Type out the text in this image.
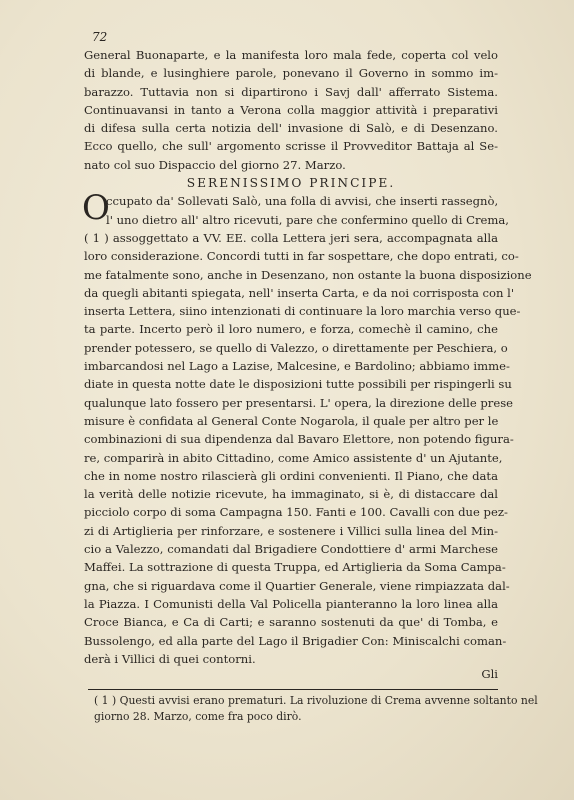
72

General Buonaparte, e la manifesta loro mala fede, coperta col velo
di blande, e lusinghiere parole, ponevano il Governo in sommo im-
barazzo. Tuttavia non si dipartirono i Savj dall' afferrato Sistema.
Continuavansi in tanto a Verona colla maggior attività i preparativi
di difesa sulla certa notizia dell' invasione di Salò, e di Desenzano.
Ecco quello, che sull' argomento scrisse il Provveditor Battaja al Se-
nato col suo Dispaccio del giorno 27. Marzo.
SERENISSIMO PRINCIPE.
O
ccupato da' Sollevati Salò, una folla di avvisi, che inserti rassegnò,
l' uno dietro all' altro ricevuti, pare che confermino quello di Crema,
( 1 ) assoggettato a VV. EE. colla Lettera jeri sera, accompagnata alla
loro considerazione. Concordi tutti in far sospettare, che dopo entrati, co-
me fatalmente sono, anche in Desenzano, non ostante la buona disposizione
da quegli abitanti spiegata, nell' inserta Carta, e da noi corrisposta con l'
inserta Lettera, siino intenzionati di continuare la loro marchia verso que-
ta parte. Incerto però il loro numero, e forza, comechè il camino, che
prender potessero, se quello di Valezzo, o direttamente per Peschiera, o
imbarcandosi nel Lago a Lazise, Malcesine, e Bardolino; abbiamo imme-
diate in questa notte date le disposizioni tutte possibili per rispingerli su
qualunque lato fossero per presentarsi. L' opera, la direzione delle prese
misure è confidata al General Conte Nogarola, il quale per altro per le
combinazioni di sua dipendenza dal Bavaro Elettore, non potendo figura-
re, comparirà in abito Cittadino, come Amico assistente d' un Ajutante,
che in nome nostro rilascierà gli ordini convenienti. Il Piano, che data
la verità delle notizie ricevute, ha immaginato, si è, di distaccare dal
picciolo corpo di soma Campagna 150. Fanti e 100. Cavalli con due pez-
zi di Artiglieria per rinforzare, e sostenere i Villici sulla linea del Min-
cio a Valezzo, comandati dal Brigadiere Condottiere d' armi Marchese
Maffei. La sottrazione di questa Truppa, ed Artiglieria da Soma Campa-
gna, che si riguardava come il Quartier Generale, viene rimpiazzata dal-
la Piazza. I Comunisti della Val Policella pianteranno la loro linea alla
Croce Bianca, e Ca di Carti; e saranno sostenuti da que' di Tomba, e
Bussolengo, ed alla parte del Lago il Brigadier Con: Miniscalchi coman-
derà i Villici di quei contorni.

Gli

( 1 ) Questi avvisi erano prematuri. La rivoluzione di Crema avvenne soltanto nel
giorno 28. Marzo, come fra poco dirò.
